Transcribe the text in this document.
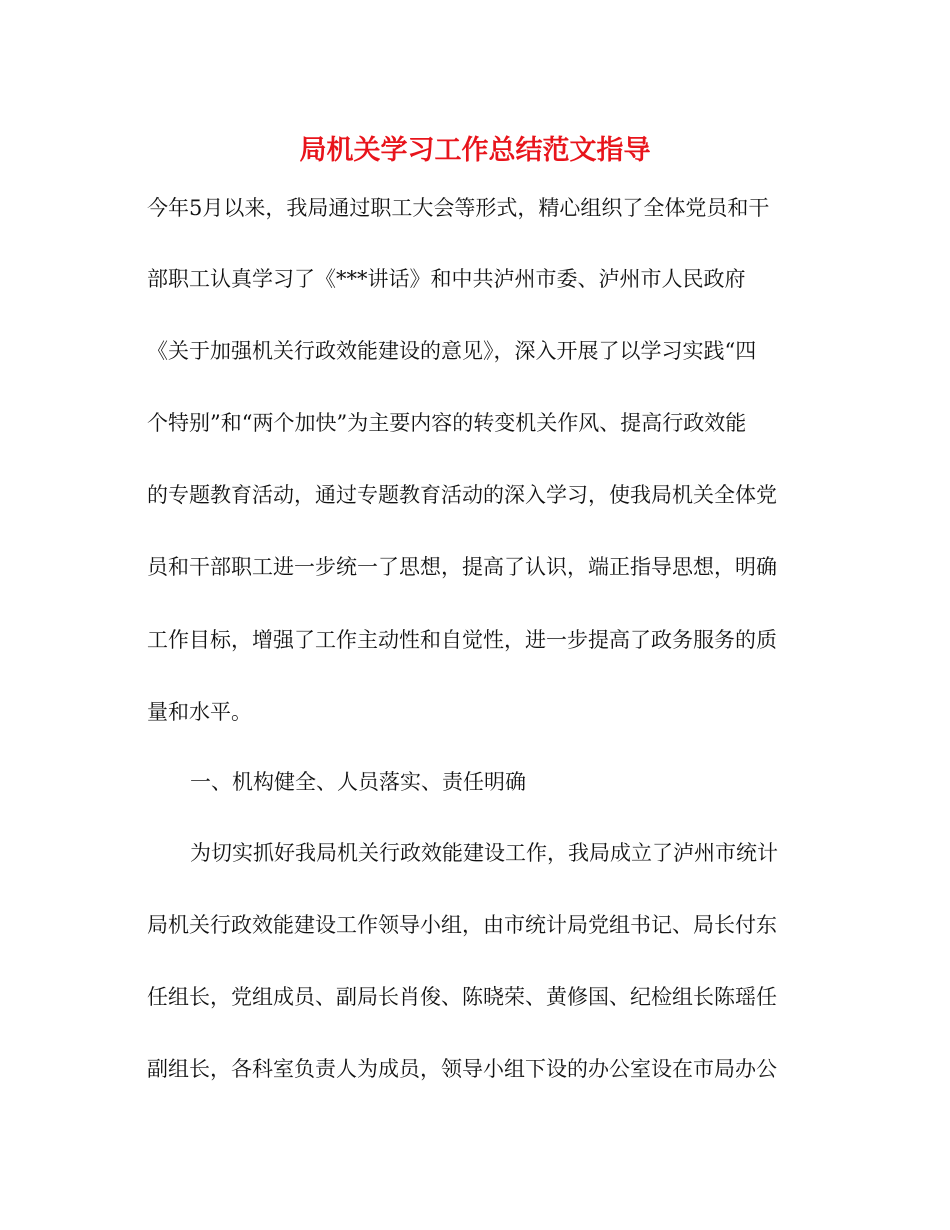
局机关学习工作总结范文指导

今年5月以来，我局通过职工大会等形式，精心组织了全体党员和干

部职工认真学习了《***讲话》和中共泸州市委、泸州市人民政府

《关于加强机关行政效能建设的意见》，深入开展了以学习实践“四

个特别”和“两个加快”为主要内容的转变机关作风、提高行政效能

的专题教育活动，通过专题教育活动的深入学习，使我局机关全体党

员和干部职工进一步统一了思想，提高了认识，端正指导思想，明确

工作目标，增强了工作主动性和自觉性，进一步提高了政务服务的质

量和水平。

一、机构健全、人员落实、责任明确

为切实抓好我局机关行政效能建设工作，我局成立了泸州市统计

局机关行政效能建设工作领导小组，由市统计局党组书记、局长付东

任组长，党组成员、副局长肖俊、陈晓荣、黄修国、纪检组长陈瑶任

副组长，各科室负责人为成员，领导小组下设的办公室设在市局办公
